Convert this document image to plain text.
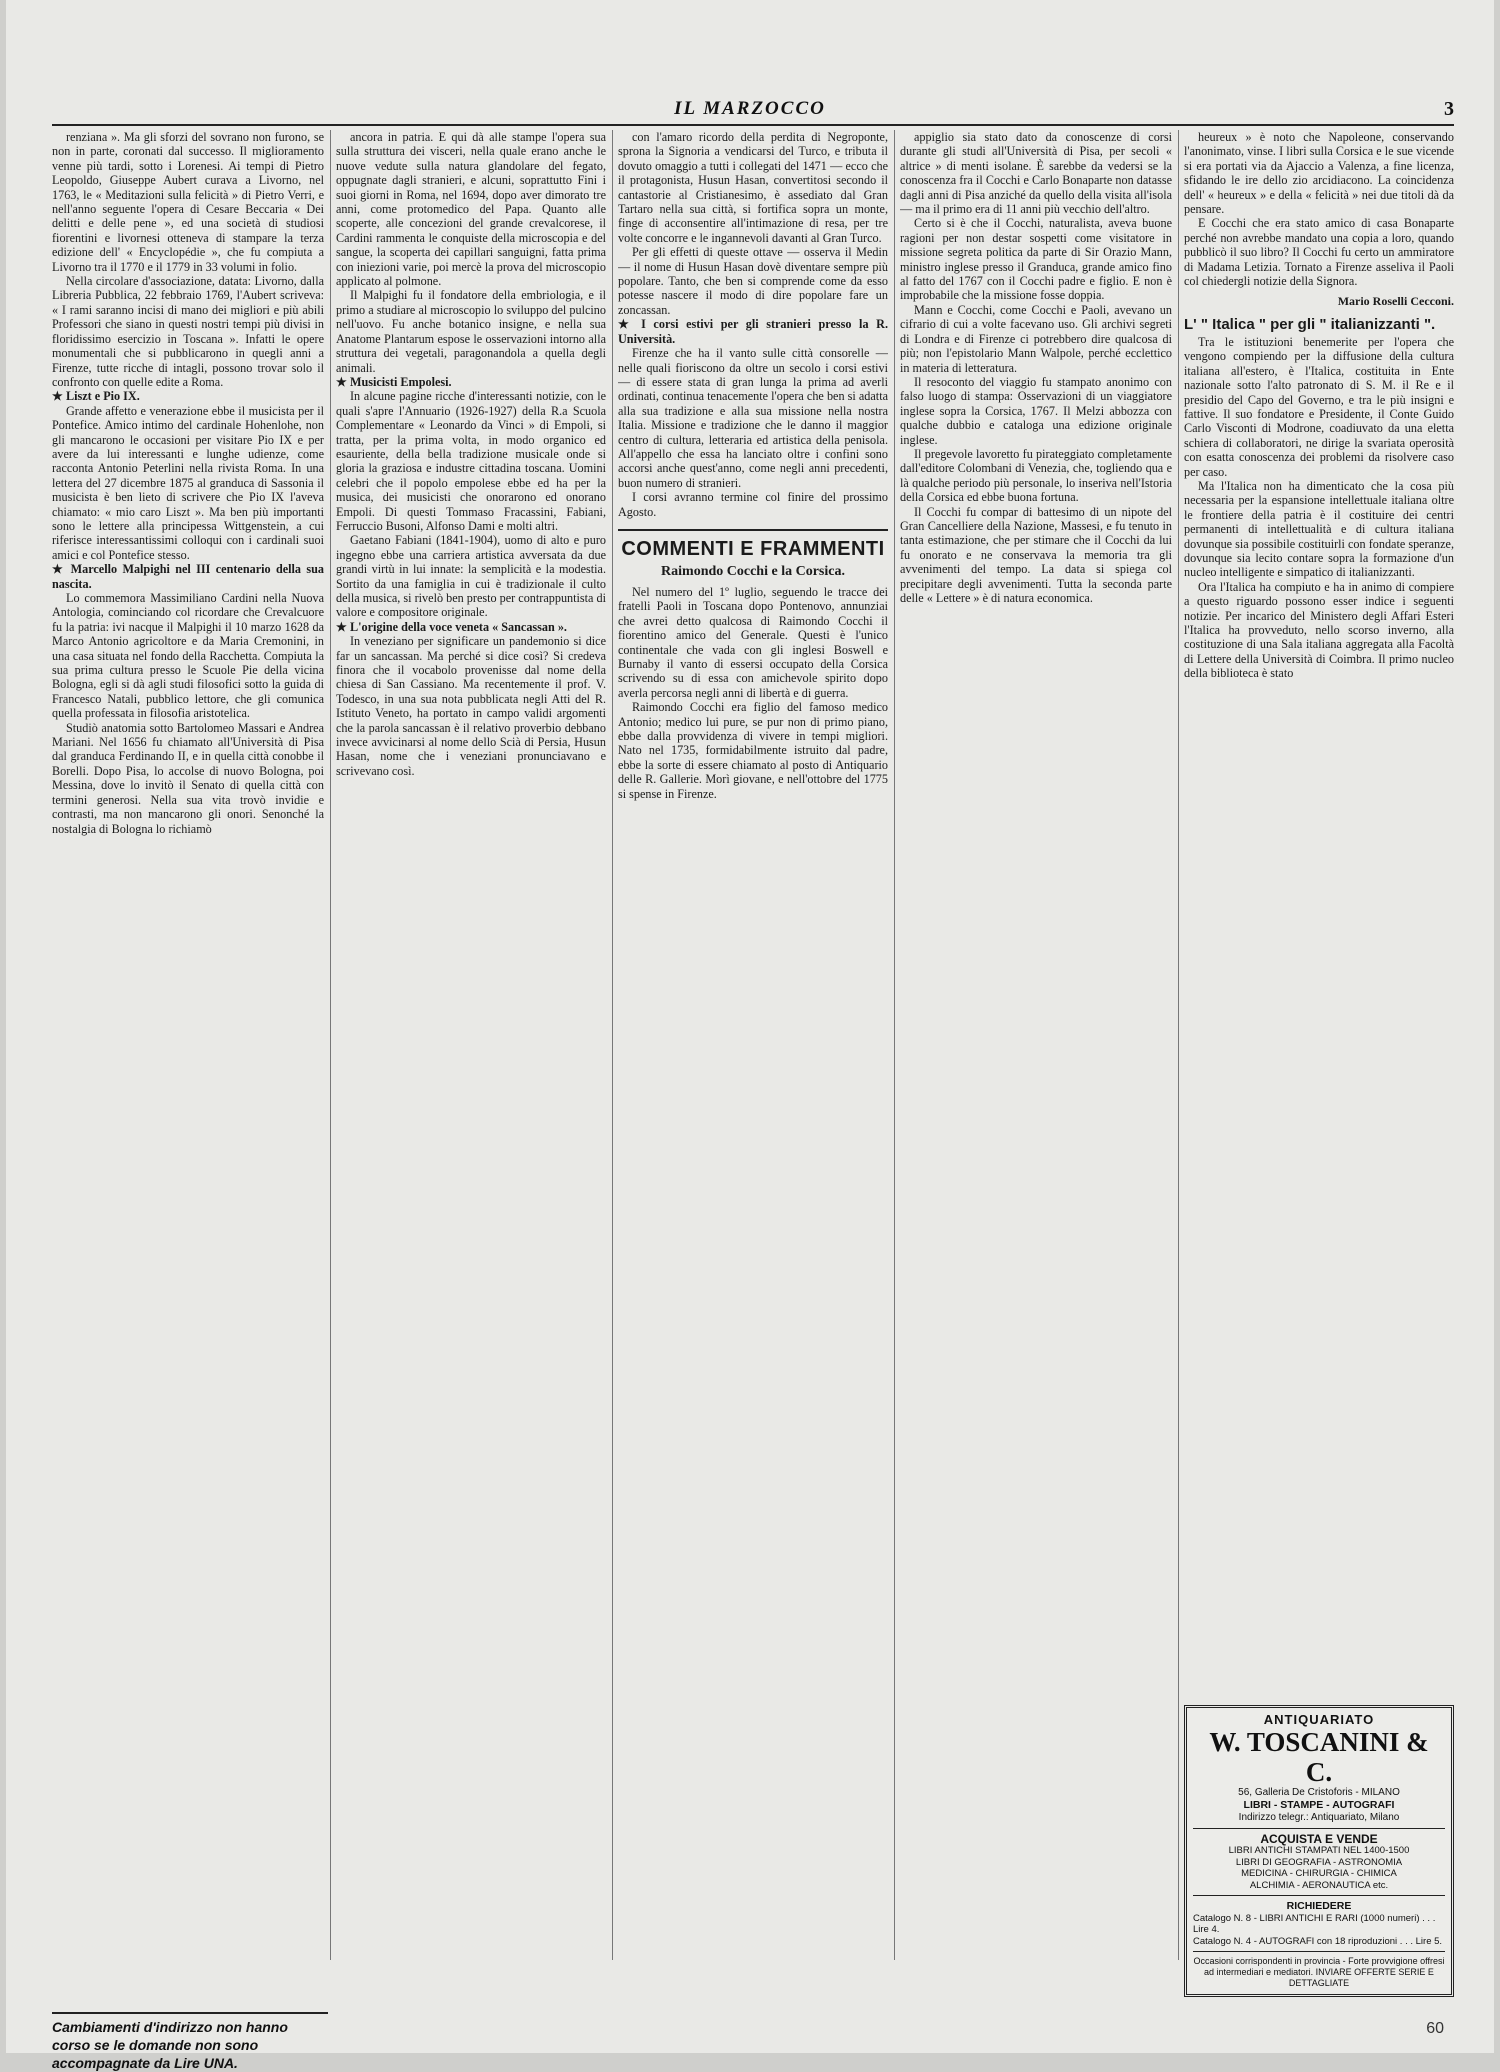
IL MARZOCCO	3

renziana ». Ma gli sforzi del sovrano non furono, se non in parte, coronati dal successo. Il miglioramento venne più tardi, sotto i Lorenesi. Ai tempi di Pietro Leopoldo, Giuseppe Aubert curava a Livorno, nel 1763, le « Meditazioni sulla felicità » di Pietro Verri, e nell'anno seguente l'opera di Cesare Beccaria « Dei delitti e delle pene », ed una società di studiosi fiorentini e livornesi otteneva di stampare la terza edizione dell' « Encyclopédie », che fu compiuta a Livorno tra il 1770 e il 1779 in 33 volumi in folio.

Nella circolare d'associazione, datata: Livorno, dalla Libreria Pubblica, 22 febbraio 1769, l'Aubert scriveva: « I rami saranno incisi di mano dei migliori e più abili Professori che siano in questi nostri tempi più divisi in floridissimo esercizio in Toscana ». Infatti le opere monumentali che si pubblicarono in quegli anni a Firenze, tutte ricche di intagli, possono trovar solo il confronto con quelle edite a Roma.

★ Liszt e Pio IX.

Grande affetto e venerazione ebbe il musicista per il Pontefice. Amico intimo del cardinale Hohenlohe, non gli mancarono le occasioni per visitare Pio IX e per avere da lui interessanti e lunghe udienze, come racconta Antonio Peterlini nella rivista Roma. In una lettera del 27 dicembre 1875 al granduca di Sassonia il musicista è ben lieto di scrivere che Pio IX l'aveva chiamato: « mio caro Liszt ». Ma ben più importanti sono le lettere alla principessa Wittgenstein, a cui riferisce interessantissimi colloqui con i cardinali suoi amici e col Pontefice stesso.

★ Marcello Malpighi nel III centenario della sua nascita.

Lo commemora Massimiliano Cardini nella Nuova Antologia, cominciando col ricordare che Crevalcuore fu la patria: ivi nacque il Malpighi il 10 marzo 1628 da Marco Antonio agricoltore e da Maria Cremonini, in una casa situata nel fondo della Racchetta. Compiuta la sua prima cultura presso le Scuole Pie della vicina Bologna, egli si dà agli studi filosofici sotto la guida di Francesco Natali, pubblico lettore, che gli comunica quella professata in filosofia aristotelica.

Studiò anatomia sotto Bartolomeo Massari e Andrea Mariani. Nel 1656 fu chiamato all'Università di Pisa dal granduca Ferdinando II, e in quella città conobbe il Borelli. Dopo Pisa, lo accolse di nuovo Bologna, poi Messina, dove lo invitò il Senato di quella città con termini generosi. Nella sua vita trovò invidie e contrasti, ma non mancarono gli onori. Senonché la nostalgia di Bologna lo richiamò

ancora in patria. E qui dà alle stampe l'opera sua sulla struttura dei visceri, nella quale erano anche le nuove vedute sulla natura glandolare del fegato, oppugnate dagli stranieri, e alcuni, soprattutto Fini i suoi giorni in Roma, nel 1694, dopo aver dimorato tre anni, come protomedico del Papa. Quanto alle scoperte, alle concezioni del grande crevalcorese, il Cardini rammenta le conquiste della microscopia e del sangue, la scoperta dei capillari sanguigni, fatta prima con iniezioni varie, poi mercè la prova del microscopio applicato al polmone.

Il Malpighi fu il fondatore della embriologia, e il primo a studiare al microscopio lo sviluppo del pulcino nell'uovo. Fu anche botanico insigne, e nella sua Anatome Plantarum espose le osservazioni intorno alla struttura dei vegetali, paragonandola a quella degli animali.

★ Musicisti Empolesi.

In alcune pagine ricche d'interessanti notizie, con le quali s'apre l'Annuario (1926-1927) della R.a Scuola Complementare « Leonardo da Vinci » di Empoli, si tratta, per la prima volta, in modo organico ed esauriente, della bella tradizione musicale onde si gloria la graziosa e industre cittadina toscana. Uomini celebri che il popolo empolese ebbe ed ha per la musica, dei musicisti che onorarono ed onorano Empoli. Di questi Tommaso Fracassini, Fabiani, Ferruccio Busoni, Alfonso Dami e molti altri.

Gaetano Fabiani (1841-1904), uomo di alto e puro ingegno ebbe una carriera artistica avversata da due grandi virtù in lui innate: la semplicità e la modestia. Sortito da una famiglia in cui è tradizionale il culto della musica, si rivelò ben presto per contrappuntista di valore e compositore originale.

★ L'origine della voce veneta « Sancassan ».

In veneziano per significare un pandemonio si dice far un sancassan. Ma perché si dice così? Si credeva finora che il vocabolo provenisse dal nome della chiesa di San Cassiano. Ma recentemente il prof. V. Todesco, in una sua nota pubblicata negli Atti del R. Istituto Veneto, ha portato in campo validi argomenti che la parola sancassan è il relativo proverbio debbano invece avvicinarsi al nome dello Scià di Persia, Husun Hasan, nome che i veneziani pronunciavano e scrivevano così.

con l'amaro ricordo della perdita di Negroponte, sprona la Signoria a vendicarsi del Turco, e tributa il dovuto omaggio a tutti i collegati del 1471 — ecco che il protagonista, Husun Hasan, convertitosi secondo il cantastorie al Cristianesimo, è assediato dal Gran Tartaro nella sua città, si fortifica sopra un monte, finge di acconsentire all'intimazione di resa, per tre volte concorre e le ingannevoli davanti al Gran Turco.

Per gli effetti di queste ottave — osserva il Medin — il nome di Husun Hasan dovè diventare sempre più popolare. Tanto, che ben si comprende come da esso potesse nascere il modo di dire popolare fare un zoncassan.

★ I corsi estivi per gli stranieri presso la R. Università.

Firenze che ha il vanto sulle città consorelle — nelle quali fioriscono da oltre un secolo i corsi estivi — di essere stata di gran lunga la prima ad averli ordinati, continua tenacemente l'opera che ben si adatta alla sua tradizione e alla sua missione nella nostra Italia. Missione e tradizione che le danno il maggior centro di cultura, letteraria ed artistica della penisola. All'appello che essa ha lanciato oltre i confini sono accorsi anche quest'anno, come negli anni precedenti, buon numero di stranieri.

I corsi avranno termine col finire del prossimo Agosto.

COMMENTI E FRAMMENTI
Raimondo Cocchi e la Corsica.

Nel numero del 1º luglio, seguendo le tracce dei fratelli Paoli in Toscana dopo Pontenovo, annunziai che avrei detto qualcosa di Raimondo Cocchi il fiorentino amico del Generale. Questi è l'unico continentale che vada con gli inglesi Boswell e Burnaby il vanto di essersi occupato della Corsica scrivendo su di essa con amichevole spirito dopo averla percorsa negli anni di libertà e di guerra.

Raimondo Cocchi era figlio del famoso medico Antonio; medico lui pure, se pur non di primo piano, ebbe dalla provvidenza di vivere in tempi migliori. Nato nel 1735, formidabilmente istruito dal padre, ebbe la sorte di essere chiamato al posto di Antiquario delle R. Gallerie. Morì giovane, e nell'ottobre del 1775 si spense in Firenze.

appiglio sia stato dato da conoscenze di corsi durante gli studi all'Università di Pisa, per secoli « altrice » di menti isolane. È sarebbe da vedersi se la conoscenza fra il Cocchi e Carlo Bonaparte non datasse dagli anni di Pisa anziché da quello della visita all'isola — ma il primo era di 11 anni più vecchio dell'altro.

Certo si è che il Cocchi, naturalista, aveva buone ragioni per non destar sospetti come visitatore in missione segreta politica da parte di Sir Orazio Mann, ministro inglese presso il Granduca, grande amico fino al fatto del 1767 con il Cocchi padre e figlio. E non è improbabile che la missione fosse doppia.

Mann e Cocchi, come Cocchi e Paoli, avevano un cifrario di cui a volte facevano uso. Gli archivi segreti di Londra e di Firenze ci potrebbero dire qualcosa di più; non l'epistolario Mann Walpole, perché ecclettico in materia di letteratura.

Il resoconto del viaggio fu stampato anonimo con falso luogo di stampa: Osservazioni di un viaggiatore inglese sopra la Corsica, 1767. Il Melzi abbozza con qualche dubbio e cataloga una edizione originale inglese.

Il pregevole lavoretto fu pirateggiato completamente dall'editore Colombani di Venezia, che, togliendo qua e là qualche periodo più personale, lo inseriva nell'Istoria della Corsica ed ebbe buona fortuna.

Il Cocchi fu compar di battesimo di un nipote del Gran Cancelliere della Nazione, Massesi, e fu tenuto in tanta estimazione, che per stimare che il Cocchi da lui fu onorato e ne conservava la memoria tra gli avvenimenti del tempo. La data si spiega col precipitare degli avvenimenti. Tutta la seconda parte delle « Lettere » è di natura economica.

heureux » è noto che Napoleone, conservando l'anonimato, vinse. I libri sulla Corsica e le sue vicende si era portati via da Ajaccio a Valenza, a fine licenza, sfidando le ire dello zio arcidiacono. La coincidenza dell' « heureux » e della « felicità » nei due titoli dà da pensare.

E Cocchi che era stato amico di casa Bonaparte perché non avrebbe mandato una copia a loro, quando pubblicò il suo libro? Il Cocchi fu certo un ammiratore di Madama Letizia. Tornato a Firenze asseliva il Paoli col chiedergli notizie della Signora.

Mario Roselli Cecconi.

L' " Italica " per gli " italianizzanti ".

Tra le istituzioni benemerite per l'opera che vengono compiendo per la diffusione della cultura italiana all'estero, è l'Italica, costituita in Ente nazionale sotto l'alto patronato di S. M. il Re e il presidio del Capo del Governo, e tra le più insigni e fattive. Il suo fondatore e Presidente, il Conte Guido Carlo Visconti di Modrone, coadiuvato da una eletta schiera di collaboratori, ne dirige la svariata operosità con esatta conoscenza dei problemi da risolvere caso per caso.

Ma l'Italica non ha dimenticato che la cosa più necessaria per la espansione intellettuale italiana oltre le frontiere della patria è il costituire dei centri permanenti di intellettualità e di cultura italiana dovunque sia possibile costituirli con fondate speranze, dovunque sia lecito contare sopra la formazione d'un nucleo intelligente e simpatico di italianizzanti.

Ora l'Italica ha compiuto e ha in animo di compiere a questo riguardo possono esser indice i seguenti notizie. Per incarico del Ministero degli Affari Esteri l'Italica ha provveduto, nello scorso inverno, alla costituzione di una Sala italiana aggregata alla Facoltà di Lettere della Università di Coimbra. Il primo nucleo della biblioteca è stato

Cambiamenti d'indirizzo non hanno corso se le domande non sono accompagnate da Lire UNA.
ANTIQUARIATO
W. TOSCANINI & C.
56, Galleria De Cristoforis - MILANO
LIBRI - STAMPE - AUTOGRAFI
Indirizzo telegr.: Antiquariato, Milano
ACQUISTA E VENDE
LIBRI ANTICHI STAMPATI NEL 1400-1500
LIBRI DI GEOGRAFIA - ASTRONOMIA
MEDICINA - CHIRURGIA - CHIMICA
ALCHIMIA - AERONAUTICA etc.
RICHIEDERE
Catalogo N. 8 - LIBRI ANTICHI E RARI (1000 numeri) . . . Lire 4.
Catalogo N. 4 - AUTOGRAFI con 18 riproduzioni . . . Lire 5.
Occasioni corrispondenti in provincia - Forte provvigione offresi ad intermediari e mediatori. INVIARE OFFERTE SERIE E DETTAGLIATE
60
